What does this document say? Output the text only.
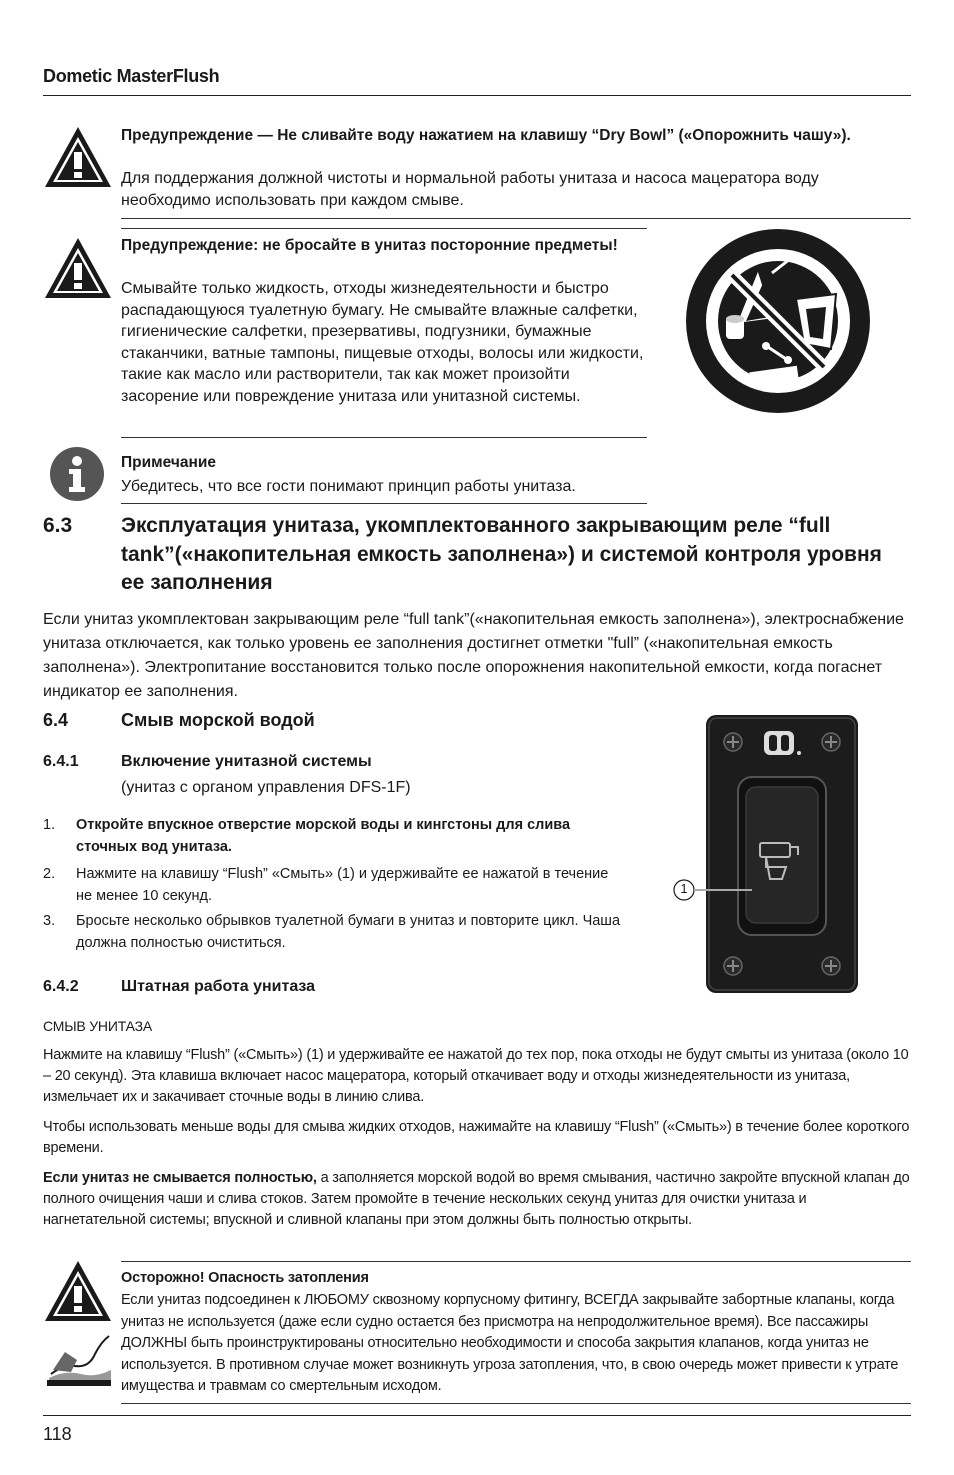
Dometic MasterFlush
Предупреждение — Не сливайте воду нажатием на клавишу “Dry Bowl” («Опорожнить чашу»).
Для поддержания должной чистоты и нормальной работы унитаза и насоса мацератора воду необходимо использовать при каждом смыве.
Предупреждение: не бросайте в унитаз посторонние предметы!
Смывайте только жидкость, отходы жизнедеятельности и быстро распадающуюся туалетную бумагу. Не смывайте влажные салфетки, гигиенические салфетки, презервативы, подгузники, бумажные стаканчики, ватные тампоны, пищевые отходы, волосы или жидкости, такие как масло или растворители, так как может произойти засорение или повреждение унитаза или унитазной системы.
Примечание
Убедитесь, что все гости понимают принцип работы унитаза.
6.3 Эксплуатация унитаза, укомплектованного закрывающим реле “full tank”(«накопительная емкость заполнена») и системой контроля уровня ее заполнения
Если унитаз укомплектован закрывающим реле “full tank”(«накопительная емкость заполнена»), электроснабжение унитаза отключается, как только уровень ее заполнения достигнет отметки "full” («накопительная емкость заполнена»). Электропитание восстановится только после опорожнения накопительной емкости, когда погаснет индикатор ее заполнения.
6.4	Смыв морской водой
6.4.1	Включение унитазной системы
(унитаз с органом управления DFS-1F)
1. Откройте впускное отверстие морской воды и кингстоны для слива сточных вод унитаза.
2. Нажмите на клавишу “Flush” «Смыть» (1) и удерживайте ее нажатой в течение не менее 10 секунд.
3. Бросьте несколько обрывков туалетной бумаги в унитаз и повторите цикл. Чаша должна полностью очиститься.
1
6.4.2	Штатная работа унитаза
СМЫВ УНИТАЗА
Нажмите на клавишу “Flush” («Смыть») (1) и удерживайте ее нажатой до тех пор, пока отходы не будут смыты из унитаза (около 10 – 20 секунд). Эта клавиша включает насос мацератора, который откачивает воду и отходы жизнедеятельности из унитаза, измельчает их и закачивает сточные воды в линию слива.
Чтобы использовать меньше воды для смыва жидких отходов, нажимайте на клавишу “Flush” («Смыть») в течение более короткого времени.
Если унитаз не смывается полностью, а заполняется морской водой во время смывания, частично закройте впускной клапан до полного очищения чаши и слива стоков. Затем промойте в течение нескольких секунд унитаз для очистки унитаза и нагнетательной системы; впускной и сливной клапаны при этом должны быть полностью открыты.
Осторожно! Опасность затопления
Если унитаз подсоединен к ЛЮБОМУ сквозному корпусному фитингу, ВСЕГДА закрывайте забортные клапаны, когда унитаз не используется (даже если судно остается без присмотра на непродолжительное время). Все пассажиры ДОЛЖНЫ быть проинструктированы относительно необходимости и способа закрытия клапанов, когда унитаз не используется. В противном случае может возникнуть угроза затопления, что, в свою очередь может привести к утрате имущества и травмам со смертельным исходом.
118
